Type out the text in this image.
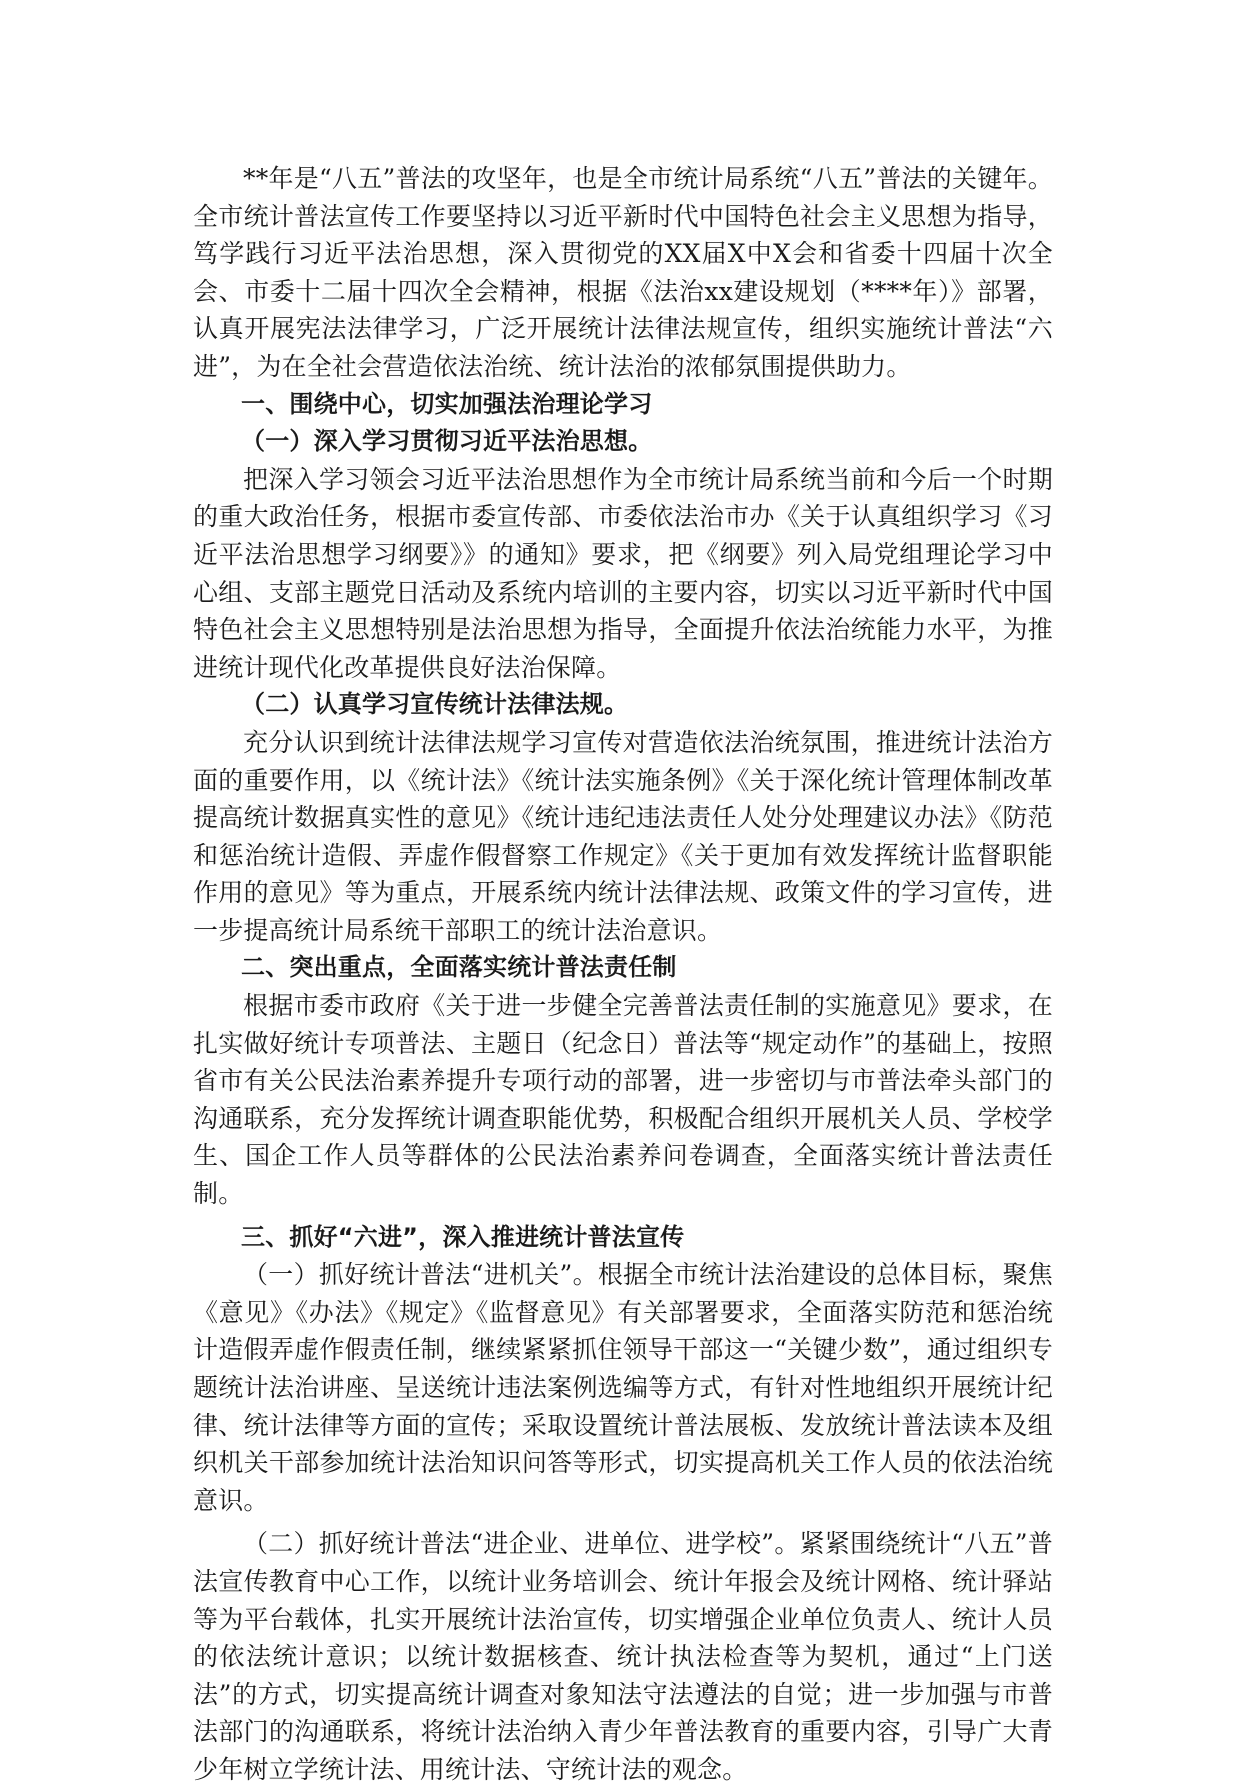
**年是“八五”普法的攻坚年，也是全市统计局系统“八五”普法的关键年。全市统计普法宣传工作要坚持以习近平新时代中国特色社会主义思想为指导，笃学践行习近平法治思想，深入贯彻党的XX届X中X会和省委十四届十次全会、市委十二届十四次全会精神，根据《法治xx建设规划（****年）》部署，认真开展宪法法律学习，广泛开展统计法律法规宣传，组织实施统计普法“六进”，为在全社会营造依法治统、统计法治的浓郁氛围提供助力。

一、围绕中心，切实加强法治理论学习

（一）深入学习贯彻习近平法治思想。

把深入学习领会习近平法治思想作为全市统计局系统当前和今后一个时期的重大政治任务，根据市委宣传部、市委依法治市办《关于认真组织学习《习近平法治思想学习纲要》》的通知》要求，把《纲要》列入局党组理论学习中心组、支部主题党日活动及系统内培训的主要内容，切实以习近平新时代中国特色社会主义思想特别是法治思想为指导，全面提升依法治统能力水平，为推进统计现代化改革提供良好法治保障。

（二）认真学习宣传统计法律法规。

充分认识到统计法律法规学习宣传对营造依法治统氛围，推进统计法治方面的重要作用，以《统计法》《统计法实施条例》《关于深化统计管理体制改革提高统计数据真实性的意见》《统计违纪违法责任人处分处理建议办法》《防范和惩治统计造假、弄虚作假督察工作规定》《关于更加有效发挥统计监督职能作用的意见》等为重点，开展系统内统计法律法规、政策文件的学习宣传，进一步提高统计局系统干部职工的统计法治意识。

二、突出重点，全面落实统计普法责任制

根据市委市政府《关于进一步健全完善普法责任制的实施意见》要求，在扎实做好统计专项普法、主题日（纪念日）普法等“规定动作”的基础上，按照省市有关公民法治素养提升专项行动的部署，进一步密切与市普法牵头部门的沟通联系，充分发挥统计调查职能优势，积极配合组织开展机关人员、学校学生、国企工作人员等群体的公民法治素养问卷调查，全面落实统计普法责任制。

三、抓好“六进”，深入推进统计普法宣传

（一）抓好统计普法“进机关”。根据全市统计法治建设的总体目标，聚焦《意见》《办法》《规定》《监督意见》有关部署要求，全面落实防范和惩治统计造假弄虚作假责任制，继续紧紧抓住领导干部这一“关键少数”，通过组织专题统计法治讲座、呈送统计违法案例选编等方式，有针对性地组织开展统计纪律、统计法律等方面的宣传；采取设置统计普法展板、发放统计普法读本及组织机关干部参加统计法治知识问答等形式，切实提高机关工作人员的依法治统意识。

（二）抓好统计普法“进企业、进单位、进学校”。紧紧围绕统计“八五”普法宣传教育中心工作，以统计业务培训会、统计年报会及统计网格、统计驿站等为平台载体，扎实开展统计法治宣传，切实增强企业单位负责人、统计人员的依法统计意识；以统计数据核查、统计执法检查等为契机，通过“上门送法”的方式，切实提高统计调查对象知法守法遵法的自觉；进一步加强与市普法部门的沟通联系，将统计法治纳入青少年普法教育的重要内容，引导广大青少年树立学统计法、用统计法、守统计法的观念。
